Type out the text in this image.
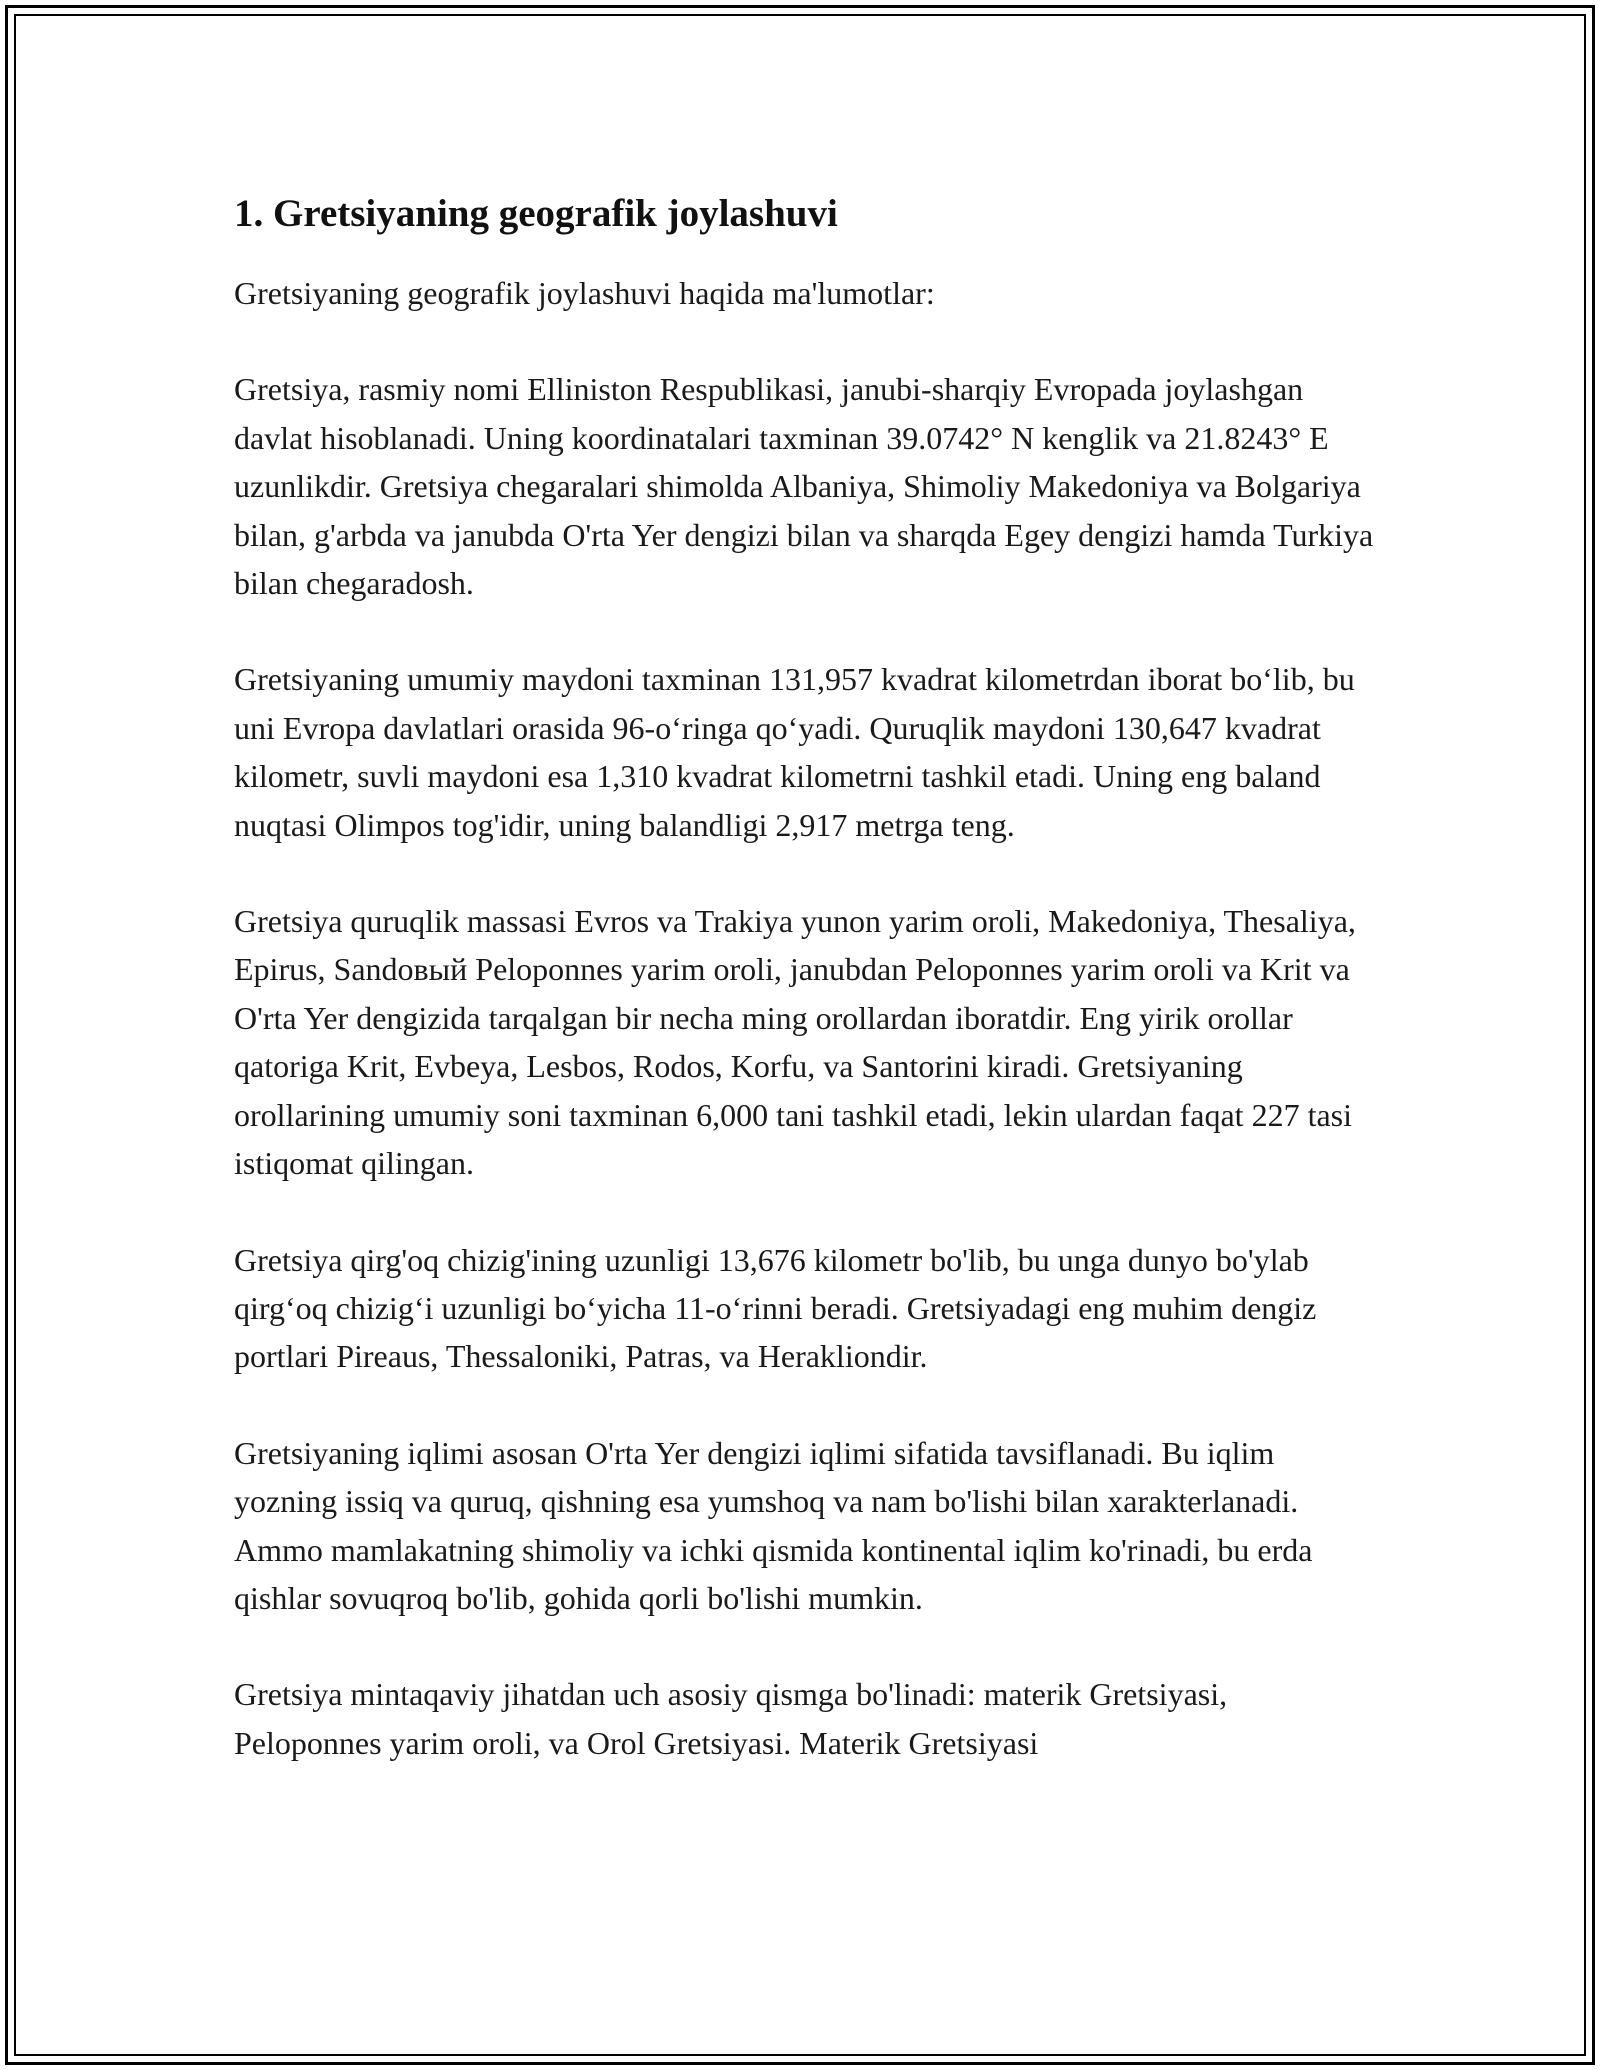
1. Gretsiyaning geografik joylashuvi

Gretsiyaning geografik joylashuvi haqida ma'lumotlar:

Gretsiya, rasmiy nomi Elliniston Respublikasi, janubi-sharqiy Evropada joylashgan davlat hisoblanadi. Uning koordinatalari taxminan 39.0742° N kenglik va 21.8243° E uzunlikdir. Gretsiya chegaralari shimolda Albaniya, Shimoliy Makedoniya va Bolgariya bilan, g'arbda va janubda O'rta Yer dengizi bilan va sharqda Egey dengizi hamda Turkiya bilan chegaradosh.

Gretsiyaning umumiy maydoni taxminan 131,957 kvadrat kilometrdan iborat bo‘lib, bu uni Evropa davlatlari orasida 96-o‘ringa qo‘yadi. Quruqlik maydoni 130,647 kvadrat kilometr, suvli maydoni esa 1,310 kvadrat kilometrni tashkil etadi. Uning eng baland nuqtasi Olimpos tog'idir, uning balandligi 2,917 metrga teng.

Gretsiya quruqlik massasi Evros va Trakiya yunon yarim oroli, Makedoniya, Thesaliya, Epirus, Sandовый Peloponnes yarim oroli, janubdan Peloponnes yarim oroli va Krit va O'rta Yer dengizida tarqalgan bir necha ming orollardan iboratdir. Eng yirik orollar qatoriga Krit, Evbeya, Lesbos, Rodos, Korfu, va Santorini kiradi. Gretsiyaning orollarining umumiy soni taxminan 6,000 tani tashkil etadi, lekin ulardan faqat 227 tasi istiqomat qilingan.

Gretsiya qirg'oq chizig'ining uzunligi 13,676 kilometr bo'lib, bu unga dunyo bo'ylab qirg‘oq chizig‘i uzunligi bo‘yicha 11-o‘rinni beradi. Gretsiyadagi eng muhim dengiz portlari Pireaus, Thessaloniki, Patras, va Herakliondir.

Gretsiyaning iqlimi asosan O'rta Yer dengizi iqlimi sifatida tavsiflanadi. Bu iqlim yozning issiq va quruq, qishning esa yumshoq va nam bo'lishi bilan xarakterlanadi. Ammo mamlakatning shimoliy va ichki qismida kontinental iqlim ko'rinadi, bu erda qishlar sovuqroq bo'lib, gohida qorli bo'lishi mumkin.

Gretsiya mintaqaviy jihatdan uch asosiy qismga bo'linadi: materik Gretsiyasi, Peloponnes yarim oroli, va Orol Gretsiyasi. Materik Gretsiyasi
